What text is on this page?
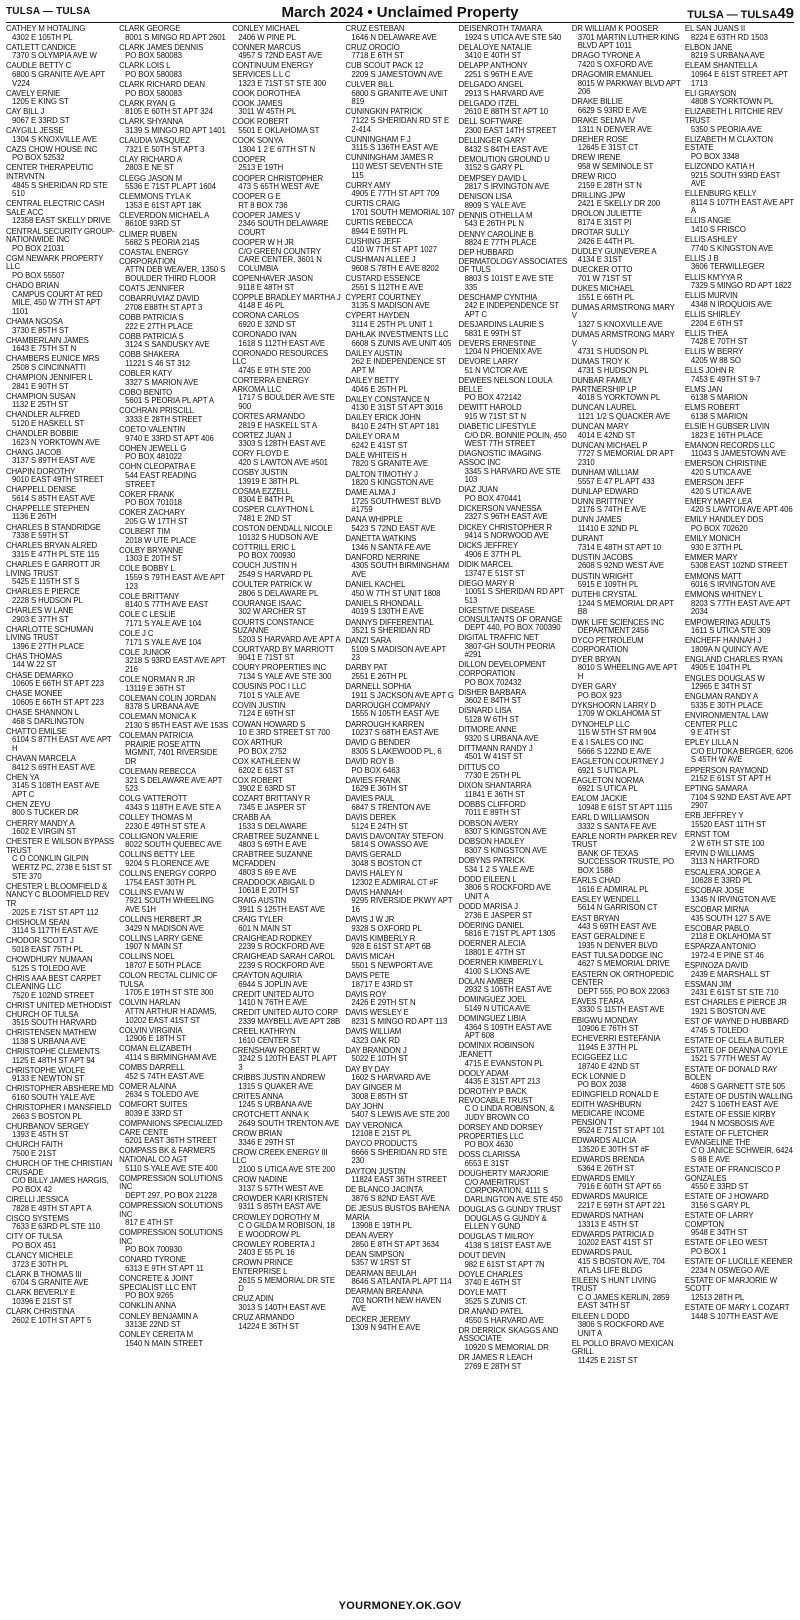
TULSA — TULSA	March 2024 • Unclaimed Property	TULSA — TULSA49
CATHEY M HOTALING
4302 E 105TH PL
CATLETT CANDICE
7370 S OLYMPIA AVE W
CAUDLE BETTY C
6800 S GRANITE AVE APT V224
CAVELY ERNIE
1205 E KING ST
CAY BILL J
9067 E 33RD ST
CAYGILL JESSE
1304 S KNOXVILLE AVE
CAZS CHOW HOUSE INC
PO BOX 52532
CENTER THERAPEUTIC INTRVNTN
4845 S SHERIDAN RD STE 510
CENTRAL ELECTRIC CASH SALE ACC
12358 EAST SKELLY DRIVE
CENTRAL SECURITY GROUP-NATIONWIDE INC
PO BOX 21031
CGM NEWARK PROPERTY LLC
PO BOX 55507
CHADO BRIAN
CAMPUS COURT AT RED MILE, 450 W 7TH ST APT 1101
CHAMA NGOSA
3730 E 85TH ST
CHAMBERLAIN JAMES
1643 E 75TH ST N
CHAMBERS EUNICE MRS
2508 S CINCINNATTI
CHAMPION JENNIFER L
2841 E 90TH ST
CHAMPION SUSAN
1132 E 25TH ST
CHANDLER ALFRED
5120 E HASKELL ST
CHANDLER BOBBIE
1623 N YORKTOWN AVE
CHANG JACOB
3137 S 89TH EAST AVE
CHAPIN DOROTHY
9010 EAST 49TH STREET
CHAPPELL DENISE
5614 S 85TH EAST AVE
CHAPPELLE STEPHEN
1136 E 26TH
CHARLES B STANDRIDGE
7338 E 59TH ST
CHARLES BRYAN ALRED
3315 E 47TH PL STE 115
CHARLES E GARROTT JR LIVING TRUST
5425 E 115TH ST S
CHARLES E PIERCE
2228 S HUDSON PL
CHARLES W LANE
2903 E 37TH ST
CHARLOTTE SCHUMAN LIVING TRUST
1396 E 27TH PLACE
CHAS THOMAS
144 W 22 ST
CHASE DEMARKO
10605 E 66TH ST APT 223
CHASE MONEE
10605 E 66TH ST APT 223
CHASE SHANNON L
468 S DARLINGTON
CHATTO EMILSE
6104 S 87TH EAST AVE APT H
CHAVAN MARCELA
8412 S 69TH EAST AVE
CHEN YA
3145 S 108TH EAST AVE APT C
CHEN ZEYU
800 S TUCKER DR
CHERRY MANDY A
1602 E VIRGIN ST
CHESTER E WILSON BYPASS TRUST
C O CONKLIN GILPIN WERTZ PC, 2738 E 51ST ST STE 370
CHESTER L BLOOMFIELD & NANCY C BLOOMFIELD REV TR
2025 E 71ST ST APT 112
CHISHOLM SEAN
3114 S 117TH EAST AVE
CHODOR SCOTT J
5018 EAST 75TH PL
CHOWDHURY NUMAAN
5125 S TOLEDO AVE
CHRIS AAA BEST CARPET CLEANING LLC
7520 E 102ND STREET
CHRIST UNITED METHODIST CHURCH OF TULSA
3515 SOUTH HARVARD
CHRISTENSEN MATHEW
1138 S URBANA AVE
CHRISTOPHE CLEMENTS
1125 E 48TH ST APT 94
CHRISTOPHE WOLFE
9133 E NEWTON ST
CHRISTOPHER ABSHERE MD
6160 SOUTH YALE AVE
CHRISTOPHER I MANSFIELD
2663 S BOSTON PL
CHURBANOV SERGEY
1393 E 45TH ST
CHURCH FAITH
7500 E 21ST
CHURCH OF THE CHRISTIAN CRUSADE
C/O BILLY JAMES HARGIS, PO BOX 42
CIRELLI JESSICA
7828 E 49TH ST APT A
CISCO SYSTEMS
7633 E 63RD PL STE 110
CITY OF TULSA
PO BOX 451
CLANCY MICHELE
3723 E 30TH PL
CLARK B THOMAS III
6704 S GRANITE AVE
CLARK BEVERLY E
10396 E 21ST ST
CLARK CHRISTINA
2602 E 10TH ST APT 5
CLARK GEORGE
8001 S MINGO RD APT 2601
CLARK JAMES DENNIS
PO BOX 580083
CLARK LOIS L
PO BOX 580083
CLARK RICHARD DEAN
PO BOX 580083
CLARK RYAN G
8105 E 60TH ST APT 324
CLARK SHYANNA
3139 S MINGO RD APT 1401
CLAUDIA VASQUEZ
7321 E 50TH ST APT 3
CLAY RICHARD A
2803 E NE ST
CLEGG JASON M
5536 E 71ST PL APT 1604
CLEMMONS TYLA K
1353 E 61ST APT 18K
CLEVERDON MICHAEL A
8610E 93RD ST
CLIMER RUBEN
5682 S PEORIA 214S
COASTAL ENERGY CORPORATION
ATTN DEB WEAVER, 1350 S BOULDER THIRD FLOOR
COATS JENNIFER
COBARRUVIAZ DAVID
2708 E88TH ST APT 3
COBB PATRICIA S
222 E 27TH PLACE
COBB PATRICIA S
3124 S SANDUSKY AVE
COBB SHAKERA
11221 S 46 ST 312
COBLER KATY
3327 S MARION AVE
COBO BENITO
5601 S PEORIA PL APT A
COCHRAN PRISCILL
3333 E 28TH STREET
COETO VALENTIN
9740 E 33RD ST APT 406
COHEN JEWELL G
PO BOX 481022
COHN CLEOPATRA E
544 EAST READING STREET
COKER FRANK
PO BOX 701018
COKER ZACHARY
205 G W 17TH ST
COLBERT TIM
2018 W UTE PLACE
COLBY BRYANNE
1303 E 20TH ST
COLE BOBBY L
1559 S 79TH EAST AVE APT 123
COLE BRITTANY
8140 S 77TH AVE EAST
COLE C LESLIE
7171 S YALE AVE 104
COLE J C
7171 S YALE AVE 104
COLE JUNIOR
3218 S 93RD EAST AVE APT 216
COLE NORMAN R JR
13119 E 36TH ST
COLEMAN COLIN JORDAN
8378 S URBANA AVE
COLEMAN MONICA K
2130 S 85TH EAST AVE 153S
COLEMAN PATRICIA
PRAIRIE ROSE ATTN MGMNT, 7401 RIVERSIDE DR
COLEMAN REBECCA
321 S DELAWARE AVE APT 523
COLG VATTEROTT
4343 S 118TH E AVE STE A
COLLEY THOMAS M
2230 E 49TH ST STE A
COLLIGNON VALERIE
8022 SOUTH QUEBEC AVE
COLLINS BETTY LEE
9204 S FLORENCE AVE
COLLINS ENERGY CORPO
1754 EAST 30TH PL
COLLINS EVAN W
7921 SOUTH WHEELING AVE 51H
COLLINS HERBERT JR
3429 N MADISON AVE
COLLINS LARRY GENE
1907 N MAIN ST
COLLINS NOEL
18707 E 50TH PLACE
COLON RECTAL CLINIC OF TULSA
1705 E 19TH ST STE 300
COLVIN HARLAN
ATTN ARTHUR H ADAMS, 10202 EAST 41ST ST
COLVIN VIRGINIA
12906 E 18TH ST
COMAN ELIZABETH
4114 S BIRMINGHAM AVE
COMBS DARRELL
452 S 74TH EAST AVE
COMER ALAINA
2634 S TOLEDO AVE
COMFORT SUITES
8039 E 33RD ST
COMPANIONS SPECIALIZED CARE CENTE
6201 EAST 36TH STREET
COMPASS BK & FARMERS NATIONAL CO AGT
5110 S YALE AVE STE 400
COMPRESSION SOLUTIONS INC
DEPT 297, PO BOX 21228
COMPRESSION SOLUTIONS INC
817 E 4TH ST
COMPRESSION SOLUTIONS INC
PO BOX 700930
CONARD TYRONE
6313 E 9TH ST APT 11
CONCRETE & JOINT SPECIALIST LLC ENT
PO BOX 9265
CONKLIN ANNA
CONLEY BENJAMIN A
3313E 22ND ST
CONLEY CEREITA M
1540 N MAIN STREET
CONLEY MICHAEL
2406 W PINE PL
CONNER MARCUS
4957 S 72ND EAST AVE
CONTINUUM ENERGY SERVICES L L C
1323 E 71ST ST STE 300
COOK DOROTHEA
COOK JAMES
3011 W 45TH PL
COOK ROBERT
5501 E OKLAHOMA ST
COOK SONYA
1304 1 2 E 67TH ST N
COOPER
2513 E 19TH
COOPER CHRISTOPHER
473 S 65TH WEST AVE
COOPER G E
RT 8 BOX 736
COOPER JAMES V
2346 SOUTH DELAWARE COURT
COOPER W H JR
C/O GREEN COUNTRY CARE CENTER, 3601 N COLUMBIA
COPENHAVER JASON
9118 E 48TH ST
COPPLE BRADLEY MARTHA J
4148 E 46 PL
CORONA CARLOS
6920 E 32ND ST
CORONADO IVAN
1618 S 112TH EAST AVE
CORONADO RESOURCES LLC
4745 E 9TH STE 200
CORTERRA ENERGY ARKOMA LLC
1717 S BOULDER AVE STE 900
CORTES ARMANDO
2819 E HASKELL ST A
CORTEZ JUAN J
3303 S 128TH EAST AVE
CORY FLOYD E
420 S LAWTON AVE #501
COSBY JUSTIN
13919 E 38TH PL
COSMA EZZELL
8304 E 84TH PL
COSPER CLAYTHON L
7481 E 2ND ST
COSTON DENDALL NICOLE
10132 S HUDSON AVE
COTTRILL ERIC L
PO BOX 700930
COUCH JUSTIN H
2549 S HARVARD PL
COULTER PATRICK W
2806 S DELAWARE PL
COURANGE ISAAC
302 W ARCHER ST
COURTS CONSTANCE SUZANNE
5203 S HARVARD AVE APT A
COURTYARD BY MARRIOTT
9041 E 71ST ST
COURY PROPERTIES INC
7134 S YALE AVE STE 300
COUSINS POC I LLC
7101 S YALE AVE
COVIN JUSTIN
7124 E 69TH ST
COWAN HOWARD S
10 E 3RD STREET ST 700
COX ARTHUR
PO BOX 2752
COX KATHLEEN W
6202 E 61ST ST
COX ROBERT
3902 E 63RD ST
COZART BRITTANY R
7345 E JASPER ST
CRABB AA
1533 S DELAWARE
CRABTREE SUZANNE L
4803 S 69TH E AVE
CRABTREE SUZANNE MCFADDEN
4803 S 69 E AVE
CRADDOCK ABIGAIL D
10618 E 20TH ST
CRAIG AUSTIN
3911 S 125TH EAST AVE
CRAIG TYLER
601 N MAIN ST
CRAIGHEAD RODKEY
2239 S ROCKFORD AVE
CRAIGHEAD SARAH CAROL
2239 S ROCKFORD AVE
CRAYTON AQUIRIA
6944 S JOPLIN AVE
CREDIT UNITED AUTO
1410 N 76TH E AVE
CREDIT UNITED AUTO CORP
2339 MAYBELL AVE APT 28B
CREEL KATHRYN
1610 CENTER ST
CRENSHAW ROBERT W
3242 S 120TH EAST PL APT 3
CRIBBS JUSTIN ANDREW
1315 S QUAKER AVE
CRITES ANNA
1245 S URBANA AVE
CROTCHETT ANNA K
2649 SOUTH TRENTON AVE
CROW BRIAN
3346 E 29TH ST
CROW CREEK ENERGY III LLC
2100 S UTICA AVE STE 200
CROW NADINE
3137 S 57TH WEST AVE
CROWDER KARI KRISTEN
9311 S 85TH EAST AVE
CROWLEY DOROTHY M
C O GILDA M ROBISON, 18 E WOODROW PL
CROWLEY ROBERTA J
2403 E 55 PL 16
CROWN PRINCE ENTERPRISE L
2615 S MEMORIAL DR STE D
CRUZ ADIN
3013 S 140TH EAST AVE
CRUZ ARMANDO
14224 E 36TH ST
CRUZ ESTEBAN
1646 N DELAWARE AVE
CRUZ OROCIO
7718 E 6TH ST
CUB SCOUT PACK 12
2209 S JAMESTOWN AVE
CULVER BILL
6800 S GRANITE AVE UNIT 819
CUNINGKIN PATRICK
7122 S SHERIDAN RD ST E 2-414
CUNNINGHAM F J
3115 S 136TH EAST AVE
CUNNINGHAM JAMES R
110 WEST SEVENTH STE 115
CURRY AMY
4905 E 77TH ST APT 709
CURTIS CRAIG
1701 SOUTH MEMORIAL 107
CURTIS REBECCA
8944 E 59TH PL
CUSHING JEFF
410 W 7TH ST APT 1027
CUSHMAN ALLEE J
9608 S 78TH E AVE 8202
CUSTARD ESSENCE
2551 S 112TH E AVE
CYPERT COURTNEY
3135 S MADISON AVE
CYPERT HAYDEN
3114 E 25TH PL UNIT 1
DAHLAK INVESTMENTS LLC
6608 S ZUNIS AVE UNIT 405
DAILEY AUSTIN
262 E INDEPENDENCE ST APT M
DAILEY BETTY
4046 E 25TH PL
DAILEY CONSTANCE N
4130 E 31ST ST APT 3016
DAILEY ERICK JOHN
8410 E 24TH ST APT 181
DAILEY ORA M
6242 E 41ST ST
DALE WHITEIS H
7820 S GRANITE AVE
DALTON TIMOTHY J
1820 S KINGSTON AVE
DAME ALMA J
1725 SOUTHWEST BLVD #1759
DANA WHIPPLE
5423 S 72ND EAST AVE
DANETTA WATKINS
1346 N SANTA FE AVE
DANFORD NERRINE
4305 SOUTH BIRMINGHAM AVE
DANIEL KACHEL
450 W 7TH ST UNIT 1808
DANIELS RHONDALL
4019 S 130TH E AVE
DANNYS DIFFERENTIAL
3521 S SHERIDAN RD
DANZI SARA
5109 S MADISON AVE APT 23
DARBY PAT
2551 E 26TH PL
DARNELL SOPHIA
1911 S JACKSON AVE APT G
DARROUGH COMPANY
1555 N 105TH EAST AVE
DARROUGH KARREN
10237 S 68TH EAST AVE
DAVID G BENDER
8305 S LAKEWOOD PL, 6
DAVID ROY B
PO BOX 6463
DAVIES FRANK
1629 E 36TH ST
DAVIES PAUL
6847 S TRENTON AVE
DAVIS DEREK
5124 E 24TH ST
DAVIS DAVONTAY STEFON
5814 S OWASSO AVE
DAVIS GERALD
3048 S BOSTON CT
DAVIS HALEY N
12302 E ADMIRAL CT #F
DAVIS HANNAH
9295 RIVERSIDE PKWY APT 16
DAVIS J W JR
9328 S OXFORD PL
DAVIS KIMBERLY R
928 E 61ST ST APT 6B
DAVIS MICAH
5501 S NEWPORT AVE
DAVIS PETE
18717 E 43RD ST
DAVIS ROY
2426 E 29TH ST N
DAVIS WESLEY E
8231 S MINGO RD APT 113
DAVIS WILLIAM
4323 OAK RD
DAY BRANDON J
5022 E 10TH ST
DAY BY DAY
1602 S HARVARD AVE
DAY GINGER M
3008 E 85TH ST
DAY JOHN
5407 S LEWIS AVE STE 200
DAY VERONICA
12108 E 21ST PL
DAYCO PRODUCTS
6666 S SHERIDAN RD STE 230
DAYTON JUSTIN
11824 EAST 36TH STREET
DE BLANCO JACINTA
3876 S 82ND EAST AVE
DE JESUS BUSTOS BAHENA MARIA
13908 E 19TH PL
DEAN AVERY
2850 E 8TH ST APT 3634
DEAN SIMPSON
5357 W 1RST ST
DEARMAN BEULAH
8646 S ATLANTA PL APT 114
DEARMAN BREANNA
703 NORTH NEW HAVEN AVE
DECKER JEREMY
1309 N 94TH E AVE
DEISENROTH TAMARA
1924 S UTICA AVE STE 540
DELALOYE NATALIE
3410 E 40TH ST
DELAPP ANTHONY
2251 S 96TH E AVE
DELGADO ANGEL
2913 S HARVARD AVE
DELGADO ITZEL
2610 E 88TH ST APT 10
DELL SOFTWARE
2300 EAST 14TH STREET
DELLINGER GARY
8432 S 84TH EAST AVE
DEMOLITION GROUND U
3152 S GARY PL
DEMPSEY DAVID L
2817 S IRVINGTON AVE
DENISON LISA
8909 S YALE AVE
DENNIS OTHELLA M
543 E 26TH PL N
DENNY CAROLINE B
8824 E 77TH PLACE
DEP HUBBARD DERMATOLOGY ASSOCIATES OF TULS
8803 S 101ST E AVE STE 335
DESCHAMP CYNTHIA
242 E INDEPENDENCE ST APT C
DESJARDINS LAURIE S
5831 E 99TH ST
DEVERS ERNESTINE
1204 N PHOENIX AVE
DEVORE LARRY
51 N VICTOR AVE
DEWEES NELSON LOULA BELLE
PO BOX 472142
DEWITT HAROLD
915 W 71ST ST N
DIABETIC LIFESTYLE
C/O DR. BONNIE POLIN, 450 WEST 7TH STREET
DIAGNOSTIC IMAGING ASSOC INC
3345 S HARVARD AVE STE 103
DIAZ JUAN
PO BOX 470441
DICKERSON VANESSA
2327 S 96TH EAST AVE
DICKEY CHRISTOPHER R
9414 S NORWOOD AVE
DICKS JEFFREY
4906 E 37TH PL
DIDIK MARCEL
13747 E 51ST ST
DIEGO MARY R
10051 S SHERIDAN RD APT 513
DIGESTIVE DISEASE CONSULTANTS OF ORANGE
DEPT 440, PO BOX 700390
DIGITAL TRAFFIC NET
3807-GH SOUTH PEORIA #291
DILLON DEVELOPMENT CORPORATION
PO BOX 702432
DISHER BARBARA
3602 E 84TH ST
DISNARD LISA
5128 W 6TH ST
DITMORE ANNE
9320 S URBANA AVE
DITTMANN RANDY J
4501 W 41ST ST
DITTUS CO
7730 E 25TH PL
DIXON SHANTARRA
11841 E 36TH ST
DOBBS CLIFFORD
7011 E 89TH ST
DOBSON AVERY
8307 S KINGSTON AVE
DOBSON HADLEY
8307 S KINGSTON AVE
DOBYNS PATRICK
534 1 2 S YALE AVE
DODD EILEEN L
3806 S ROCKFORD AVE UNIT A
DODD MARISA J
2736 E JASPER ST
DOERING DANIEL
5816 E 71ST PL APT 1305
DOERNER ALECIA
18801 E 47TH ST
DOERNER KIMBERLY L
4100 S LIONS AVE
DOLAN AMBER
2932 S 106TH EAST AVE
DOMINGUEZ JOEL
5149 N UTICA AVE
DOMINGUEZ LIBIA
4364 S 109TH EAST AVE APT 608
DOMINIX ROBINSON JEANETT
4715 E EVANSTON PL
DOOLY ADAM
4435 E 31ST APT 213
DOROTHY P BACK REVOCABLE TRUST
C O LINDA ROBINSON, & JUDY BROWN CO
DORSEY AND DORSEY PROPERTIES LLC
PO BOX 4630
DOSS CLARISSA
6553 E 31ST
DOUGHERTY MARJORIE
C/O AMERITRUST CORPORATION, 4111 S DARLINGTON AVE STE 450
DOUGLAS G GUNDY TRUST
DOUGLAS G GUNDY & ELLEN Y GUND
DOUGLAS T MILROY
4138 S 181ST EAST AVE
DOUT DEVIN
982 E 61ST ST APT 7N
DOYLE CHARLES
3740 E 46TH ST
DOYLE MATT
3525 S ZUNIS CT.
DR ANAND PATEL
4550 S HARVARD AVE
DR DERRICK SKAGGS AND ASSOCIATE
10920 S MEMORIAL DR
DR JAMES R LEACH
2769 E 28TH ST
DR WILLIAM K POOSER
3701 MARTIN LUTHER KING BLVD APT 1011
DRAGO TYRONE A
7420 S OXFORD AVE
DRAGOMIR EMANUEL
8015 W PARKWAY BLVD APT 206
DRAKE BILLIE
6629 S 93RD E AVE
DRAKE SELMA IV
1311 N DENVER AVE
DREHER ROSE
12645 E 31ST CT
DREW IRENE
958 W SEMINOLE ST
DREW RICO
2159 E 28TH ST N
DRILLING JPW
2421 E SKELLY DR 200
DROLON JULIETTE
8174 E 31ST PI
DROTAR SULLY
2426 E 44TH PL
DUDLEY GUINEVERE A
4134 E 31ST
DUECKER OTTO
701 W 71ST ST
DUKES MICHAEL
1551 E 66TH PL
DUMAS ARMSTRONG MARY V
1327 S KNOXVILLE AVE
DUMAS ARMSTRONG MARY V
4731 S HUDSON PL
DUMAS TROY K
4731 S HUDSON PL
DUNBAR FAMILY PARTNERSHIP LP
4018 S YORKTOWN PL
DUNCAN LAUREL
1121 1/2 S QUACKER AVE
DUNCAN MARY
4014 E 42ND ST
DUNCAN MICHAEL P
7727 S MEMORIAL DR APT 2310
DUNHAM WILLIAM
5557 E 47 PL APT 433
DUNLAP EDWARD
DUNN BRITTNEY
2176 S 74TH E AVE
DUNN JAMES
11410 E 32ND PL
DURANT
7314 E 48TH ST APT 10
DUSTIN JACOBS
2608 S 92ND WEST AVE
DUSTIN WRIGHT
5915 E 109TH PL
DUTEHI CRYSTAL
1244 S MEMORIAL DR APT B8
DWK LIFE SCIENCES INC
DEPARTMENT 2456
DYCO PETROLEUM CORPORATION
DYER BRYAN
8010 S WHEELING AVE APT H
DYER GARY
PO BOX 923
DYKSHOORN LARRY D
1709 W OKLAHOMA ST
DYNOHELP LLC
115 W 5TH ST RM 904
E & I SALES CO INC
5666 S 122ND E AVE
EAGLETON COURTNEY J
6921 S UTICA PL
EAGLETON NORMA
6921 S UTICA PL
EALOM JACKIE
10948 E 61ST ST APT 1115
EARL D WILLIAMSON
3332 S SANTA FE AVE
EARLE NORTH PARKER REV TRUST
BANK OF TEXAS SUCCESSOR TRUSTE, PO BOX 1588
EARLS CHAD
1616 E ADMIRAL PL
EASLEY WENDELL
5614 N GARRISON CT
EAST BRYAN
443 S 69TH EAST AVE
EAST GERALDINE E
1935 N DENVER BLVD
EAST TULSA DODGE INC
4627 S MEMORIAL DRIVE
EASTERN OK ORTHOPEDIC CENTER
DEPT 555, PO BOX 22063
EAVES TEARA
3330 S 115TH EAST AVE
EBIGWU MONDAY
10906 E 76TH ST
ECHEVERRI ESTEFANIA
11945 E 37TH PL
ECIGGEEZ LLC
18740 E 42ND ST
ECK LONNIE D
PO BOX 2038
EDINGFIELD RONALD E
EDITH WASHBURN MEDICARE INCOME PENSION T
9524 E 71ST ST APT 101
EDWARDS ALICIA
13520 E 30TH ST #F
EDWARDS BRENDA
5364 E 26TH ST
EDWARDS EMILY
7916 E 60TH ST APT 65
EDWARDS MAURICE
2217 E 59TH ST APT 221
EDWARDS NATHAN
13313 E 45TH ST
EDWARDS PATRICIA D
10202 EAST 41ST ST
EDWARDS PAUL
415 S BOSTON AVE, 704 ATLAS LIFE BLDG
EILEEN S HUNT LIVING TRUST
C O JAMES KERLIN, 2859 EAST 34TH ST
EILEEN L DODD
3806 S ROCKFORD AVE UNIT A
EL POLLO BRAVO MEXICAN GRILL
11425 E 21ST ST
EL SAN JUANS II
8224 E 63TH RD 1503
ELBON JANE
8219 S URBANA AVE
ELEAM SHANTELLA
10964 E 61ST STREET APT 1713
ELI GRAYSON
4808 S YORKTOWN PL
ELIZABETH L RITCHIE REV TRUST
5350 S PEORIA AVE
ELIZABETH M CLAXTON ESTATE
PO BOX 3348
ELIZONDO KATIA H
9215 SOUTH 93RD EAST AVE
ELLENBURG KELLY
8114 S 107TH EAST AVE APT A
ELLIS ANGIE
1410 S FRISCO
ELLIS ASHLEY
7740 S KINGSTON AVE
ELLIS J B
3606 TERWILLEGER
ELLIS KM'YYA R
7329 S MINGO RD APT 1822
ELLIS MURVIN
4348 N IROQUOIS AVE
ELLIS SHIRLEY
2204 E 6TH ST
ELLIS THEA
7428 E 70TH ST
ELLIS W BERRY
4205 W 88 SO
ELLS JOHN R
7453 E 49TH ST 9-7
ELMS JAN
6138 S MARION
ELMS ROBERT
6138 S MARION
ELSIE H GUBSER LIVIN
1823 E 16TH PLACE
EMANON RECORDS LLC
11043 S JAMESTOWN AVE
EMERSON CHRISTINE
420 S UTICA AVE
EMERSON JEFF
420 S UTICA AVE
EMERY MARY LEA
420 S LAWTON AVE APT 406
EMILY HANDLEY DDS
PO BOX 702620
EMILY MONICH
930 E 37TH PL
EMMER MARY
5308 EAST 102ND STREET
EMMONS MATT
6016 S IRVINGTON AVE
EMMONS WHITNEY L
8203 S 77TH EAST AVE APT 2034
EMPOWERING ADULTS
1611 S UTICA STE 309
ENCHEFF HANNAH J
1809A N QUINCY AVE
ENGLAND CHARLES RYAN
4905 E 104TH PL
ENGLES DOUGLAS W
12965 E 34TH ST
ENGLMAN RANDY A
5335 E 30TH PLACE
ENVIRONMENTAL LAW CENTER PLLC
9 E 4TH ST
EPLEY LILLA N
C/O EUTOKA BERGER, 6206 S 45TH W AVE
EPPERSON RAYMOND
2152 E 61ST ST APT H
EPTING SAMARA
7104 S 92ND EAST AVE APT 2907
ERB JEFFREY Y
15520 EAST 11TH ST
ERNST TOM
2 W 6TH ST STE 100
ERVIN D WILLIAMS
3113 N HARTFORD
ESCALERA JORGE A
10628 E 33RD PL
ESCOBAR JOSE
1345 N IRVINGTON AVE
ESCOBAR MIRNA
435 SOUTH 127 S AVE
ESCOBAR PABLO
2118 E OKLAHOMA ST
ESPARZA ANTONIO
1972-4 E PINE ST 46
ESPINOZA DAVID
2439 E MARSHALL ST
ESSMAN JIM
2431 E 61ST ST STE 710
EST CHARLES E PIERCE JR
1921 S BOSTON AVE
EST OF WAYNE D HUBBARD
4745 S TOLEDO
ESTATE OF CLELA BUTLER
ESTATE OF DEANNA COYLE
1521 S 77TH WEST AV
ESTATE OF DONALD RAY BOLEN
4608 S GARNETT STE 505
ESTATE OF DUSTIN WALLING
2427 S 106TH EAST AVE
ESTATE OF ESSIE KIRBY
1944 N MOSBOSIS AVE
ESTATE OF FLETCHER EVANGELINE THE
C O JANICE SCHWEIR, 6424 S 88 E AVE
ESTATE OF FRANCISCO P GONZALES
4550 E 33RD ST
ESTATE OF J HOWARD
3156 S GARY PL
ESTATE OF LARRY COMPTON
9548 E 34TH ST
ESTATE OF LEO WEST
PO BOX 1
ESTATE OF LUCILLE KEENER
2234 N OSWEGO AVE
ESTATE OF MARJORIE W SCOTT
12513 28TH PL
ESTATE OF MARY L COZART
1448 S 107TH EAST AVE
YOURMONEY.OK.GOV
